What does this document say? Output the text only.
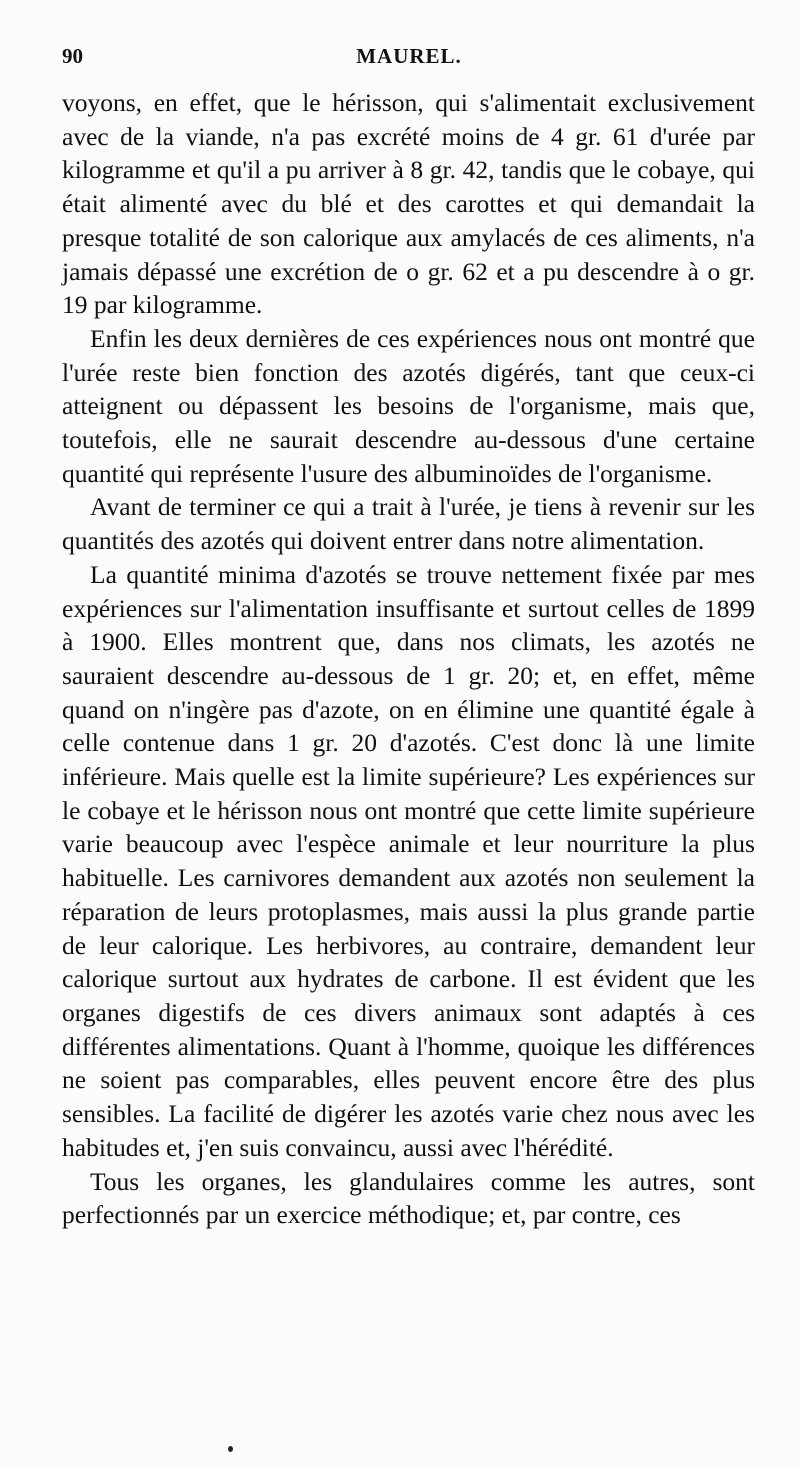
90	MAUREL.

voyons, en effet, que le hérisson, qui s'alimentait exclusivement avec de la viande, n'a pas excrété moins de 4 gr. 61 d'urée par kilogramme et qu'il a pu arriver à 8 gr. 42, tandis que le cobaye, qui était alimenté avec du blé et des carottes et qui demandait la presque totalité de son calorique aux amylacés de ces aliments, n'a jamais dépassé une excrétion de o gr. 62 et a pu descendre à o gr. 19 par kilogramme.

Enfin les deux dernières de ces expériences nous ont montré que l'urée reste bien fonction des azotés digérés, tant que ceux-ci atteignent ou dépassent les besoins de l'organisme, mais que, toutefois, elle ne saurait descendre au-dessous d'une certaine quantité qui représente l'usure des albuminoïdes de l'organisme.

Avant de terminer ce qui a trait à l'urée, je tiens à revenir sur les quantités des azotés qui doivent entrer dans notre alimentation.

La quantité minima d'azotés se trouve nettement fixée par mes expériences sur l'alimentation insuffisante et surtout celles de 1899 à 1900. Elles montrent que, dans nos climats, les azotés ne sauraient descendre au-dessous de 1 gr. 20; et, en effet, même quand on n'ingère pas d'azote, on en élimine une quantité égale à celle contenue dans 1 gr. 20 d'azotés. C'est donc là une limite inférieure. Mais quelle est la limite supérieure? Les expériences sur le cobaye et le hérisson nous ont montré que cette limite supérieure varie beaucoup avec l'espèce animale et leur nourriture la plus habituelle. Les carnivores demandent aux azotés non seulement la réparation de leurs protoplasmes, mais aussi la plus grande partie de leur calorique. Les herbivores, au contraire, demandent leur calorique surtout aux hydrates de carbone. Il est évident que les organes digestifs de ces divers animaux sont adaptés à ces différentes alimentations. Quant à l'homme, quoique les différences ne soient pas comparables, elles peuvent encore être des plus sensibles. La facilité de digérer les azotés varie chez nous avec les habitudes et, j'en suis convaincu, aussi avec l'hérédité.

Tous les organes, les glandulaires comme les autres, sont perfectionnés par un exercice méthodique; et, par contre, ces
